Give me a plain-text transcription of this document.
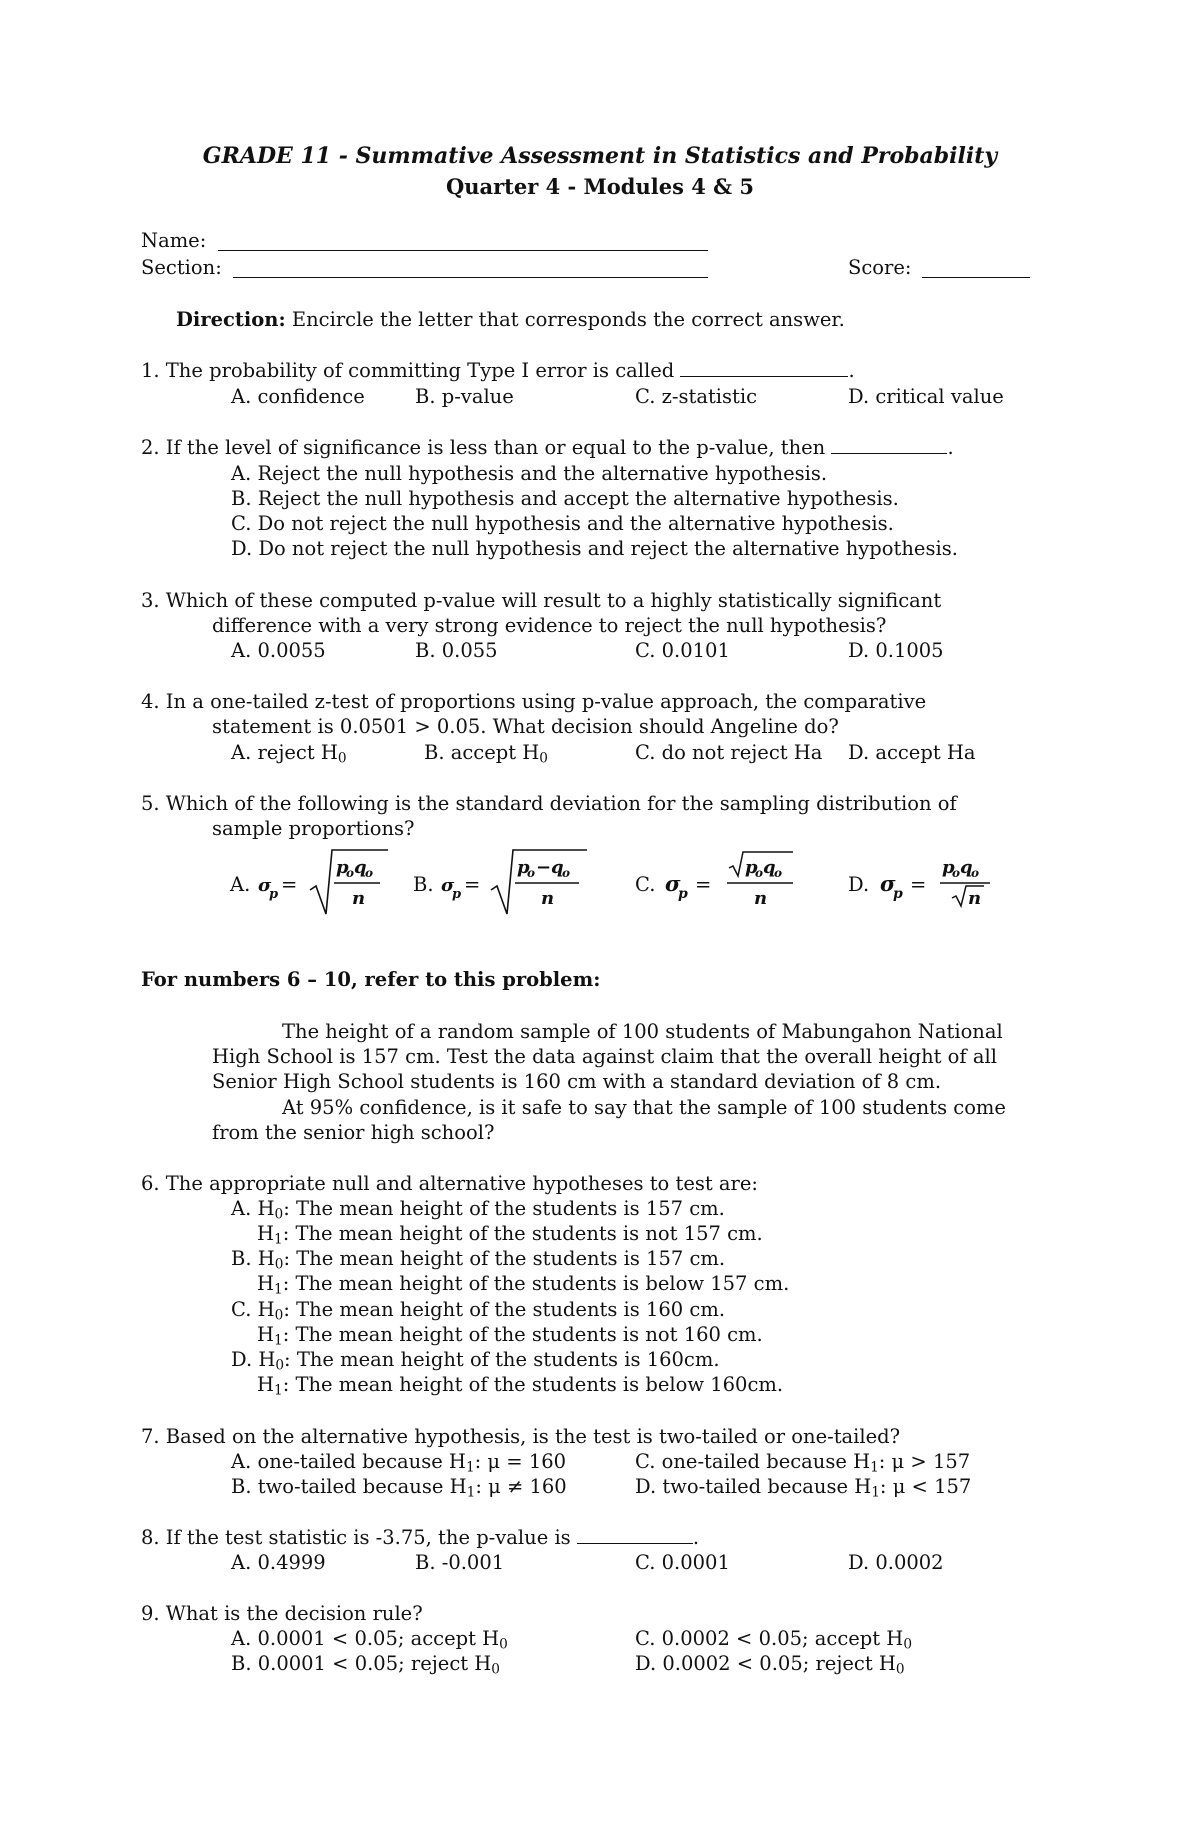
GRADE 11 - Summative Assessment in Statistics and Probability
Quarter 4 - Modules 4 & 5
Name:
Section:	Score:
Direction: Encircle the letter that corresponds the correct answer.
1. The probability of committing Type I error is called	.
A. confidence	B. p-value	C. z-statistic	D. critical value
2. If the level of significance is less than or equal to the p-value, then	.
A. Reject the null hypothesis and the alternative hypothesis.
B. Reject the null hypothesis and accept the alternative hypothesis.
C. Do not reject the null hypothesis and the alternative hypothesis.
D. Do not reject the null hypothesis and reject the alternative hypothesis.
3. Which of these computed p-value will result to a highly statistically significant
difference with a very strong evidence to reject the null hypothesis?
A. 0.0055	B. 0.055	C. 0.0101	D. 0.1005
4. In a one-tailed z-test of proportions using p-value approach, the comparative
statement is 0.0501 > 0.05. What decision should Angeline do?
A. reject $H_0$	B. accept $H_0$	C. do not reject Ha D. accept Ha
5. Which of the following is the standard deviation for the sampling distribution of
sample proportions?
A. σ
p =
p
o q
o
n
B. σ
p =
p
o − q
o
n
C. σ
p =
p
o q
o
n
D. σ
p =
p
o q
o
n
For numbers 6 – 10, refer to this problem:
The height of a random sample of 100 students of Mabungahon National
High School is 157 cm. Test the data against claim that the overall height of all
Senior High School students is 160 cm with a standard deviation of 8 cm.
At 95% confidence, is it safe to say that the sample of 100 students come
from the senior high school?
6. The appropriate null and alternative hypotheses to test are:
A. $H_0$: The mean height of the students is 157 cm.
$H_1$: The mean height of the students is not 157 cm.
B. $H_0$: The mean height of the students is 157 cm.
$H_1$: The mean height of the students is below 157 cm.
C. $H_0$: The mean height of the students is 160 cm.
$H_1$: The mean height of the students is not 160 cm.
D. $H_0$: The mean height of the students is 160cm.
$H_1$: The mean height of the students is below 160cm.
7. Based on the alternative hypothesis, is the test is two-tailed or one-tailed?
A. one-tailed because $H_1$: μ = 160	C. one-tailed because $H_1$: μ > 157
B. two-tailed because $H_1$: μ ≠ 160	D. two-tailed because $H_1$: μ < 157
8. If the test statistic is -3.75, the p-value is	.
A. 0.4999	B. -0.001	C. 0.0001	D. 0.0002
9. What is the decision rule?
A. 0.0001 < 0.05; accept $H_0$	C. 0.0002 < 0.05; accept $H_0$
B. 0.0001 < 0.05; reject $H_0$	D. 0.0002 < 0.05; reject $H_0$
